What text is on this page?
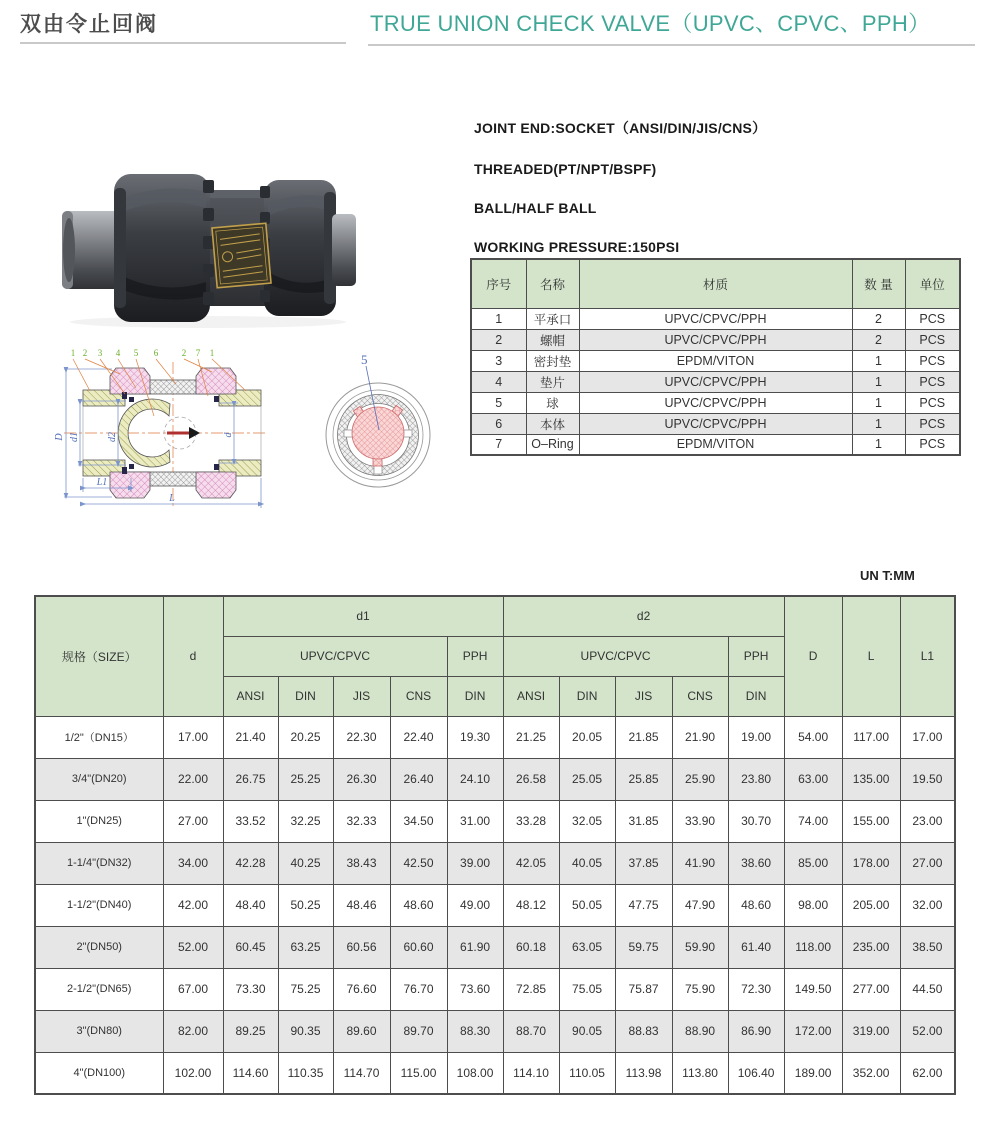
双由令止回阀	TRUE UNION CHECK VALVE（UPVC、CPVC、PPH）

JOINT END:SOCKET（ANSI/DIN/JIS/CNS）

THREADED(PT/NPT/BSPF)

BALL/HALF BALL

WORKING PRESSURE:150PSI

序号	名称	材质	数 量	单位
1	平承口	UPVC/CPVC/PPH	2	PCS
2	螺帽	UPVC/CPVC/PPH	2	PCS
3	密封垫	EPDM/VITON	1	PCS
4	垫片	UPVC/CPVC/PPH	1	PCS
5	球	UPVC/CPVC/PPH	1	PCS
6	本体	UPVC/CPVC/PPH	1	PCS
7	O–Ring	EPDM/VITON	1	PCS
D d1	d2	d
L1
L
1 2 3 4 5 6	2 7 1	5
UN T:MM
规格（SIZE）	d	d1					d2					D	L	L1
		UPVC/CPVC				PPH	UPVC/CPVC				PPH			
		ANSI	DIN	JIS	CNS	DIN	ANSI	DIN	JIS	CNS	DIN			
1/2"（DN15）	17.00	21.40	20.25	22.30	22.40	19.30	21.25	20.05	21.85	21.90	19.00	54.00	117.00	17.00
3/4"(DN20)	22.00	26.75	25.25	26.30	26.40	24.10	26.58	25.05	25.85	25.90	23.80	63.00	135.00	19.50
1"(DN25)	27.00	33.52	32.25	32.33	34.50	31.00	33.28	32.05	31.85	33.90	30.70	74.00	155.00	23.00
1-1/4"(DN32)	34.00	42.28	40.25	38.43	42.50	39.00	42.05	40.05	37.85	41.90	38.60	85.00	178.00	27.00
1-1/2"(DN40)	42.00	48.40	50.25	48.46	48.60	49.00	48.12	50.05	47.75	47.90	48.60	98.00	205.00	32.00
2"(DN50)	52.00	60.45	63.25	60.56	60.60	61.90	60.18	63.05	59.75	59.90	61.40	118.00	235.00	38.50
2-1/2"(DN65)	67.00	73.30	75.25	76.60	76.70	73.60	72.85	75.05	75.87	75.90	72.30	149.50	277.00	44.50
3"(DN80)	82.00	89.25	90.35	89.60	89.70	88.30	88.70	90.05	88.83	88.90	86.90	172.00	319.00	52.00
4"(DN100)	102.00	114.60	110.35	114.70	115.00	108.00	114.10	110.05	113.98	113.80	106.40	189.00	352.00	62.00
